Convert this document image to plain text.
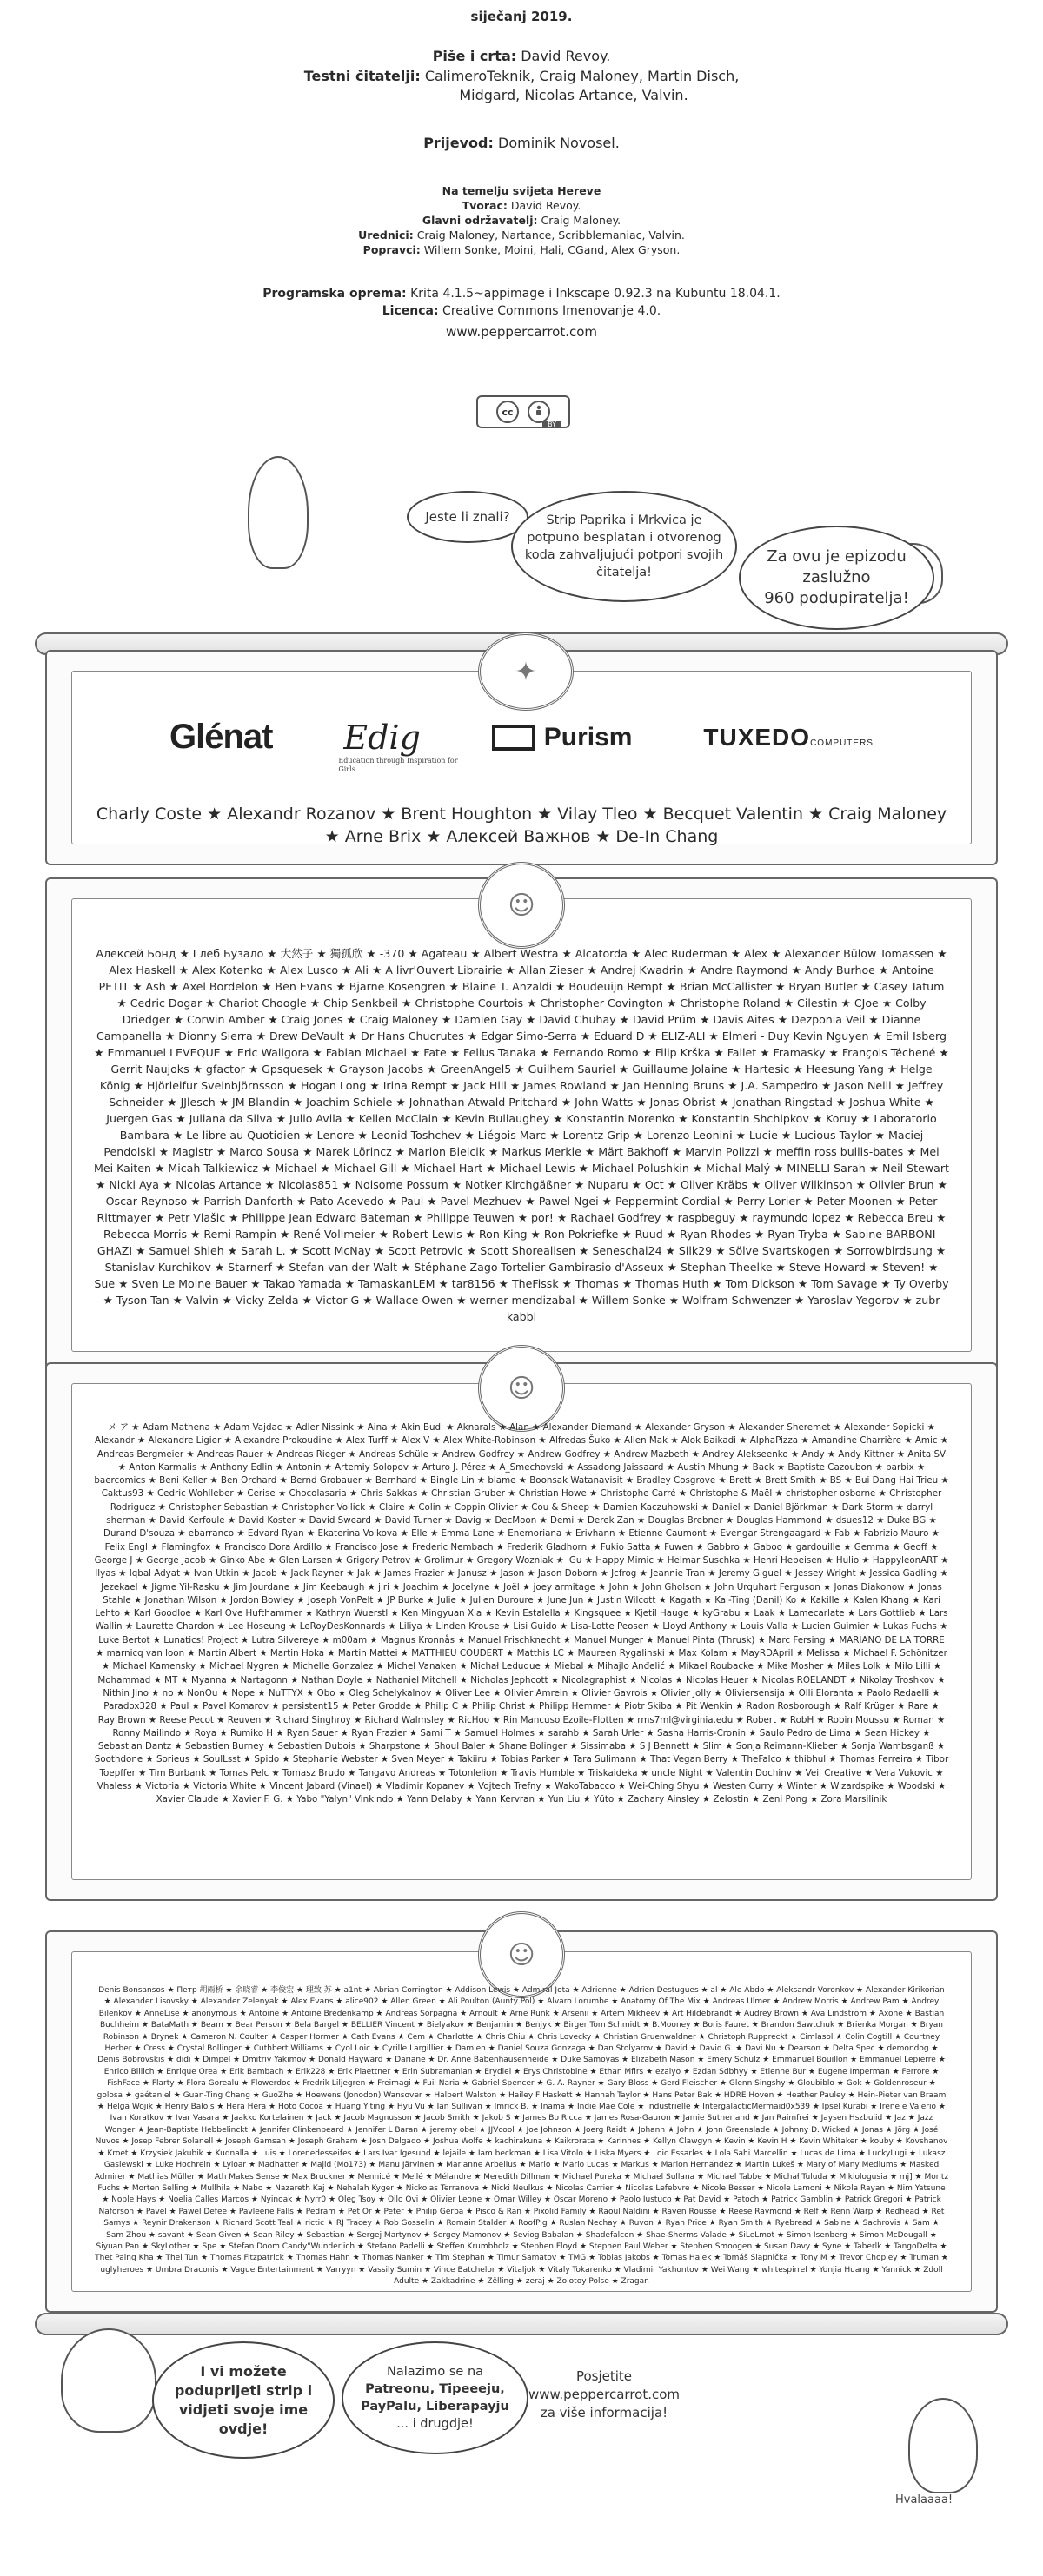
siječanj 2019.
Piše i crta: David Revoy.
Testni čitatelji: CalimeroTeknik, Craig Maloney, Martin Disch,
Midgard, Nicolas Artance, Valvin.
Prijevod: Dominik Novosel.
Na temelju svijeta Hereve
Tvorac: David Revoy.
Glavni održavatelj: Craig Maloney.
Urednici: Craig Maloney, Nartance, Scribblemaniac, Valvin.
Popravci: Willem Sonke, Moini, Hali, CGand, Alex Gryson.
Programska oprema: Krita 4.1.5~appimage i Inkscape 0.92.3 na Kubuntu 18.04.1.
Licenca: Creative Commons Imenovanje 4.0.
www.peppercarrot.com
cc
BY
Jeste li znali?	Strip Paprika i Mrkvica je
potpuno besplatan i otvorenog
koda zahvaljujući potpori svojih
čitatelja!
Za ovu je epizodu
zaslužno
960 podupiratelja!
✦
Glénat Edig
Education through Inspiration for Girls
Purism	TUXEDOCOMPUTERS
Charly Coste ★ Alexandr Rozanov ★ Brent Houghton ★ Vilay Tleo ★ Becquet Valentin ★ Craig Maloney ★ Arne Brix ★ Алексей Важнов ★ De-In Chang
☺
Алексей Бонд ★ Глеб Бузало ★ 大然子 ★ 獨孤欣 ★ -370 ★ Agateau ★ Albert Westra ★ Alcatorda ★ Alec Ruderman ★ Alex ★ Alexander Bülow Tomassen ★ Alex Haskell ★ Alex Kotenko ★ Alex Lusco ★ Ali ★ A livr'Ouvert Librairie ★ Allan Zieser ★ Andrej Kwadrin ★ Andre Raymond ★ Andy Burhoe ★ Antoine PETIT ★ Ash ★ Axel Bordelon ★ Ben Evans ★ Bjarne Kosengren ★ Blaine T. Anzaldi ★ Boudeuijn Rempt ★ Brian McCallister ★ Bryan Butler ★ Casey Tatum ★ Cedric Dogar ★ Chariot Choogle ★ Chip Senkbeil ★ Christophe Courtois ★ Christopher Covington ★ Christophe Roland ★ Cilestin ★ CJoe ★ Colby Driedger ★ Corwin Amber ★ Craig Jones ★ Craig Maloney ★ Damien Gay ★ David Chuhay ★ David Prüm ★ Davis Aites ★ Dezponia Veil ★ Dianne Campanella ★ Dionny Sierra ★ Drew DeVault ★ Dr Hans Chucrutes ★ Edgar Simo-Serra ★ Eduard D ★ ELIZ-ALI ★ Elmeri - Duy Kevin Nguyen ★ Emil Isberg ★ Emmanuel LEVEQUE ★ Eric Waligora ★ Fabian Michael ★ Fate ★ Felius Tanaka ★ Fernando Romo ★ Filip Krška ★ Fallet ★ Framasky ★ François Téchené ★ Gerrit Naujoks ★ gfactor ★ Gpsquesek ★ Grayson Jacobs ★ GreenAngel5 ★ Guilhem Sauriel ★ Guillaume Jolaine ★ Hartesic ★ Heesung Yang ★ Helge König ★ Hjörleifur Sveinbjörnsson ★ Hogan Long ★ Irina Rempt ★ Jack Hill ★ James Rowland ★ Jan Henning Bruns ★ J.A. Sampedro ★ Jason Neill ★ Jeffrey Schneider ★ JJlesch ★ JM Blandin ★ Joachim Schiele ★ Johnathan Atwald Pritchard ★ John Watts ★ Jonas Obrist ★ Jonathan Ringstad ★ Joshua White ★ Juergen Gas ★ Juliana da Silva ★ Julio Avila ★ Kellen McClain ★ Kevin Bullaughey ★ Konstantin Morenko ★ Konstantin Shchipkov ★ Koruy ★ Laboratorio Bambara ★ Le libre au Quotidien ★ Lenore ★ Leonid Toshchev ★ Liégois Marc ★ Lorentz Grip ★ Lorenzo Leonini ★ Lucie ★ Lucious Taylor ★ Maciej Pendolski ★ Magistr ★ Marco Sousa ★ Marek Lörincz ★ Marion Bielcik ★ Markus Merkle ★ Märt Bakhoff ★ Marvin Polizzi ★ meffin ross bullis-bates ★ Mei Mei Kaiten ★ Micah Talkiewicz ★ Michael ★ Michael Gill ★ Michael Hart ★ Michael Lewis ★ Michael Polushkin ★ Michal Malý ★ MINELLI Sarah ★ Neil Stewart ★ Nicki Aya ★ Nicolas Artance ★ Nicolas851 ★ Noisome Possum ★ Notker Kirchgäßner ★ Nuparu ★ Oct ★ Oliver Kräbs ★ Oliver Wilkinson ★ Olivier Brun ★ Oscar Reynoso ★ Parrish Danforth ★ Pato Acevedo ★ Paul ★ Pavel Mezhuev ★ Pawel Ngei ★ Peppermint Cordial ★ Perry Lorier ★ Peter Moonen ★ Peter Rittmayer ★ Petr Vlašic ★ Philippe Jean Edward Bateman ★ Philippe Teuwen ★ por! ★ Rachael Godfrey ★ raspbeguy ★ raymundo lopez ★ Rebecca Breu ★ Rebecca Morris ★ Remi Rampin ★ René Vollmeier ★ Robert Lewis ★ Ron King ★ Ron Pokriefke ★ Ruud ★ Ryan Rhodes ★ Ryan Tryba ★ Sabine BARBONI-GHAZI ★ Samuel Shieh ★ Sarah L. ★ Scott McNay ★ Scott Petrovic ★ Scott Shorealisen ★ Seneschal24 ★ Silk29 ★ Sölve Svartskogen ★ Sorrowbirdsung ★ Stanislav Kurchikov ★ Starnerf ★ Stefan van der Walt ★ Stéphane Zago-Tortelier-Gambirasio d'Asseux ★ Stephan Theelke ★ Steve Howard ★ Steven! ★ Sue ★ Sven Le Moine Bauer ★ Takao Yamada ★ TamaskanLEM ★ tar8156 ★ TheFissk ★ Thomas ★ Thomas Huth ★ Tom Dickson ★ Tom Savage ★ Ty Overby ★ Tyson Tan ★ Valvin ★ Vicky Zelda ★ Victor G ★ Wallace Owen ★ werner mendizabal ★ Willem Sonke ★ Wolfram Schwenzer ★ Yaroslav Yegorov ★ zubr kabbi
☺
メ ア ★ Adam Mathena ★ Adam Vajdac ★ Adler Nissink ★ Aina ★ Akin Budi ★ Aknarals ★ Alan ★ Alexander Diemand ★ Alexander Gryson ★ Alexander Sheremet ★ Alexander Sopicki ★ Alexandr ★ Alexandre Ligier ★ Alexandre Prokoudine ★ Alex Turff ★ Alex V ★ Alex White-Robinson ★ Alfredas Šuko ★ Allen Mak ★ Alok Baikadi ★ AlphaPizza ★ Amandine Charrière ★ Amic ★ Andreas Bergmeier ★ Andreas Rauer ★ Andreas Rieger ★ Andreas Schüle ★ Andrew Godfrey ★ Andrew Godfrey ★ Andrew Mazbeth ★ Andrey Alekseenko ★ Andy ★ Andy Kittner ★ Anita SV ★ Anton Karmalis ★ Anthony Edlin ★ Antonin ★ Artemiy Solopov ★ Arturo J. Pérez ★ A_Smechovski ★ Assadong Jaissaard ★ Austin Mhung ★ Back ★ Baptiste Cazoubon ★ barbix ★ baercomics ★ Beni Keller ★ Ben Orchard ★ Bernd Grobauer ★ Bernhard ★ Bingle Lin ★ blame ★ Boonsak Watanavisit ★ Bradley Cosgrove ★ Brett ★ Brett Smith ★ BS ★ Bui Dang Hai Trieu ★ Caktus93 ★ Cedric Wohlleber ★ Cerise ★ Chocolasaria ★ Chris Sakkas ★ Christian Gruber ★ Christian Howe ★ Christophe Carré ★ Christophe & Maël ★ christopher osborne ★ Christopher Rodriguez ★ Christopher Sebastian ★ Christopher Vollick ★ Claire ★ Colin ★ Coppin Olivier ★ Cou & Sheep ★ Damien Kaczuhowski ★ Daniel ★ Daniel Björkman ★ Dark Storm ★ darryl sherman ★ David Kerfoule ★ David Koster ★ David Sweard ★ David Turner ★ Davig ★ DecMoon ★ Demi ★ Derek Zan ★ Douglas Brebner ★ Douglas Hammond ★ dsues12 ★ Duke BG ★ Durand D'souza ★ ebarranco ★ Edvard Ryan ★ Ekaterina Volkova ★ Elle ★ Emma Lane ★ Enemoriana ★ Erivhann ★ Etienne Caumont ★ Evengar Strengaagard ★ Fab ★ Fabrizio Mauro ★ Felix Engl ★ Flamingfox ★ Francisco Dora Ardillo ★ Francisco Jose ★ Frederic Nembach ★ Frederik Gladhorn ★ Fukio Satta ★ Fuwen ★ Gabbro ★ Gaboo ★ gardouille ★ Gemma ★ Geoff ★ George J ★ George Jacob ★ Ginko Abe ★ Glen Larsen ★ Grigory Petrov ★ Grolimur ★ Gregory Wozniak ★ 'Gu ★ Happy Mimic ★ Helmar Suschka ★ Henri Hebeisen ★ Hulio ★ HappyleonART ★ Ilyas ★ Iqbal Adyat ★ Ivan Utkin ★ Jacob ★ Jack Rayner ★ Jak ★ James Frazier ★ Janusz ★ Jason ★ Jason Doborn ★ Jcfrog ★ Jeannie Tran ★ Jeremy Giguel ★ Jessey Wright ★ Jessica Gadling ★ Jezekael ★ Jigme Yil-Rasku ★ Jim Jourdane ★ Jim Keebaugh ★ jiri ★ Joachim ★ Jocelyne ★ Joël ★ joey armitage ★ John ★ John Gholson ★ John Urquhart Ferguson ★ Jonas Diakonow ★ Jonas Stahle ★ Jonathan Wilson ★ Jordon Bowley ★ Joseph VonPelt ★ JP Burke ★ Julie ★ Julien Duroure ★ June Jun ★ Justin Wilcott ★ Kagath ★ Kai-Ting (Danil) Ko ★ Kakille ★ Kalen Khang ★ Kari Lehto ★ Karl Goodloe ★ Karl Ove Hufthammer ★ Kathryn Wuerstl ★ Ken Mingyuan Xia ★ Kevin Estalella ★ Kingsquee ★ Kjetil Hauge ★ kyGrabu ★ Laak ★ Lamecarlate ★ Lars Gottlieb ★ Lars Wallin ★ Laurette Chardon ★ Lee Hoseung ★ LeRoyDesKonnards ★ Liliya ★ Linden Krouse ★ Lisi Guido ★ Lisa-Lotte Peosen ★ Lloyd Anthony ★ Louis Valla ★ Lucien Guimier ★ Lukas Fuchs ★ Luke Bertot ★ Lunatics! Project ★ Lutra Silvereye ★ m00am ★ Magnus Kronnås ★ Manuel Frischknecht ★ Manuel Munger ★ Manuel Pinta (Thrusk) ★ Marc Fersing ★ MARIANO DE LA TORRE ★ marnicq van loon ★ Martin Albert ★ Martin Hoka ★ Martin Mattei ★ MATTHIEU COUDERT ★ Matthis LC ★ Maureen Rygalinski ★ Max Kolam ★ MayRDApril ★ Melissa ★ Michael F. Schönitzer ★ Michael Kamensky ★ Michael Nygren ★ Michelle Gonzalez ★ Michel Vanaken ★ Michał Leduque ★ Miebal ★ Mihajlo Anđelić ★ Mikael Roubacke ★ Mike Mosher ★ Miles Lolk ★ Milo Lilli ★ Mohammad ★ MT ★ Myanna ★ Nartagonn ★ Nathan Doyle ★ Nathaniel Mitchell ★ Nicholas Jephcott ★ Nicolagraphist ★ Nicolas ★ Nicolas Heuer ★ Nicolas ROELANDT ★ Nikolay Troshkov ★ Nithin Jino ★ no ★ NonOu ★ Nope ★ NuTTYX ★ Obo ★ Oleg Schelykalnov ★ Oliver Lee ★ Olivier Amrein ★ Olivier Gavrois ★ Olivier Jolly ★ Oliviersensija ★ Olli Eloranta ★ Paolo Redaelli ★ Paradox328 ★ Paul ★ Pavel Komarov ★ persistent15 ★ Peter Grodde ★ Philip C ★ Philip Christ ★ Philipp Hemmer ★ Piotr Skiba ★ Pit Wenkin ★ Radon Rosborough ★ Ralf Krüger ★ Rare ★ Ray Brown ★ Reese Pecot ★ Reuven ★ Richard Singhroy ★ Richard Walmsley ★ RicHoo ★ Rin Mancuso Ezoile-Flotten ★ rms7ml@virginia.edu ★ Robert ★ RobH ★ Robin Moussu ★ Roman ★ Ronny Mailindo ★ Roya ★ Rumiko H ★ Ryan Sauer ★ Ryan Frazier ★ Sami T ★ Samuel Holmes ★ sarahb ★ Sarah Urler ★ Sasha Harris-Cronin ★ Saulo Pedro de Lima ★ Sean Hickey ★ Sebastian Dantz ★ Sebastien Burney ★ Sebastien Dubois ★ Sharpstone ★ Shoul Baler ★ Shane Bolinger ★ Sissimaba ★ S J Bennett ★ Slim ★ Sonja Reimann-Klieber ★ Sonja Wambsganß ★ Soothdone ★ Sorieus ★ SoulLsst ★ Spido ★ Stephanie Webster ★ Sven Meyer ★ Takiiru ★ Tobias Parker ★ Tara Sulimann ★ That Vegan Berry ★ TheFalco ★ thibhul ★ Thomas Ferreira ★ Tibor Toepffer ★ Tim Burbank ★ Tomas Pelc ★ Tomasz Brudo ★ Tangavo Andreas ★ Totonlelion ★ Travis Humble ★ Triskaideka ★ uncle Night ★ Valentin Dochinv ★ Veil Creative ★ Vera Vukovic ★ Vhaless ★ Victoria ★ Victoria White ★ Vincent Jabard (Vinael) ★ Vladimir Kopanev ★ Vojtech Trefny ★ WakoTabacco ★ Wei-Ching Shyu ★ Westen Curry ★ Winter ★ Wizardspike ★ Woodski ★ Xavier Claude ★ Xavier F. G. ★ Yabo "Yalyn" Vinkindo ★ Yann Delaby ★ Yann Kervran ★ Yun Liu ★ Yūto ★ Zachary Ainsley ★ Zelostin ★ Zeni Pong ★ Zora Marsilinik
☺
Denis Bonsansos ★ Петр 胡雨桥 ★ 余晓睿 ★ 李俊宏 ★ 理致 苏 ★ a1nt ★ Abrian Corrington ★ Addison Lewis ★ Admiral Jota ★ Adrienne ★ Adrien Destugues ★ al ★ Ale Abdo ★ Aleksandr Voronkov ★ Alexander Kirikorian ★ Alexander Lisovsky ★ Alexander Zelenyak ★ Alex Evans ★ alice902 ★ Allen Green ★ Ali Poulton (Aunty Pol) ★ Alvaro Lorumbe ★ Anatomy Of The Mix ★ Andreas Ulmer ★ Andrew Morris ★ Andrew Pam ★ Andrey Bilenkov ★ AnneLise ★ anonymous ★ Antoine ★ Antoine Bredenkamp ★ Andreas Sorpagna ★ Arnoult ★ Arne Runk ★ Arsenii ★ Artem Mikheev ★ Art Hildebrandt ★ Audrey Brown ★ Ava Lindstrom ★ Axone ★ Bastian Buchheim ★ BataMath ★ Beam ★ Bear Person ★ Bela Bargel ★ BELLIER Vincent ★ Bielyakov ★ Benjamin ★ Benjyk ★ Birger Tom Schmidt ★ B.Mooney ★ Boris Fauret ★ Brandon Sawtchuk ★ Brienka Morgan ★ Bryan Robinson ★ Brynek ★ Cameron N. Coulter ★ Casper Hormer ★ Cath Evans ★ Cem ★ Charlotte ★ Chris Chiu ★ Chris Lovecky ★ Christian Gruenwaldner ★ Christoph Ruppreckt ★ Cimlasol ★ Colin Cogtill ★ Courtney Herber ★ Cress ★ Crystal Bollinger ★ Cuthbert Williams ★ Cyol Loic ★ Cyrille Largillier ★ Damien ★ Daniel Souza Gonzaga ★ Dan Stolyarov ★ David ★ David G. ★ Davi Nu ★ Dearson ★ Delta Spec ★ demondog ★ Denis Bobrovskis ★ didi ★ Dimpel ★ Dmitriy Yakimov ★ Donald Hayward ★ Dariane ★ Dr. Anne Babenhausenheide ★ Duke Samoyas ★ Elizabeth Mason ★ Emery Schulz ★ Emmanuel Bouillon ★ Emmanuel Lepierre ★ Enrico Billich ★ Enrique Orea ★ Erik Bambach ★ Erik228 ★ Erik Plaettner ★ Erin Subramanian ★ Erydiel ★ Erys Christobine ★ Ethan Mfirs ★ ezaiyo ★ Ezdan Sdbhyy ★ Etienne Bur ★ Eugene Imperman ★ Ferrore ★ FishFace ★ Flarty ★ Flora Gorealu ★ Flowerdoc ★ Fredrik Liljegren ★ Freimagi ★ Fuil Naria ★ Gabriel Spencer ★ G. A. Rayner ★ Gary Bloss ★ Gerd Fleischer ★ Glenn Singshy ★ Gloubiblo ★ Gok ★ Goldenroseur ★ golosa ★ gaétaniel ★ Guan-Ting Chang ★ GuoZhe ★ Hoewens (Jonodon) Wansover ★ Halbert Walston ★ Hailey F Haskett ★ Hannah Taylor ★ Hans Peter Bak ★ HDRE Hoven ★ Heather Pauley ★ Hein-Pieter van Braam ★ Helga Wojik ★ Henry Balois ★ Hera Hera ★ Hoto Cocoa ★ Huang Yiting ★ Hyu Vu ★ Ian Sullivan ★ Imrick B. ★ Inama ★ Indie Mae Cole ★ Industrielle ★ IntergalacticMermaid0x539 ★ Ipsel Kurabi ★ Irene e Valerio ★ Ivan Koratkov ★ Ivar Vasara ★ Jaakko Kortelainen ★ Jack ★ Jacob Magnusson ★ Jacob Smith ★ Jakob S ★ James Bo Ricca ★ James Rosa-Gauron ★ Jamie Sutherland ★ Jan Raimfrei ★ Jaysen Hszbuiid ★ Jaz ★ Jazz Wonger ★ Jean-Baptiste Hebbelinckt ★ Jennifer Clinkenbeard ★ Jennifer L Baran ★ jeremy obel ★ JJVcool ★ Joe Johnson ★ Joerg Raidt ★ Johann ★ John ★ John Greenslade ★ Johnny D. Wicked ★ Jonas ★ Jörg ★ José Nuvos ★ Josep Febrer Solanell ★ Joseph Gamsan ★ Joseph Graham ★ Josh Delgado ★ Joshua Wolfe ★ kachirakuna ★ Kaikrorata ★ Karinnes ★ Kellyn Clawgyn ★ Kevin ★ Kevin H ★ Kevin Whitaker ★ kouby ★ Kovshanov ★ Kroet ★ Krzysiek Jakubik ★ Kudnalla ★ Luis ★ Lorenedesseifes ★ Lars Ivar Igesund ★ lejaile ★ Iam beckman ★ Lisa Vitolo ★ Liska Myers ★ Loic Essarles ★ Lola Sahi Marcellin ★ Lucas de Lima ★ LuckyLugi ★ Lukasz Gasiewski ★ Luke Hochrein ★ Lyloar ★ Madhatter ★ Majid (Mo173) ★ Manu Järvinen ★ Marianne Arbellus ★ Mario ★ Mario Lucas ★ Markus ★ Marlon Hernandez ★ Martin Lukeš ★ Mary of Many Mediums ★ Masked Admirer ★ Mathias Müller ★ Math Makes Sense ★ Max Bruckner ★ Mennicé ★ Mellé ★ Mélandre ★ Meredith Dillman ★ Michael Pureka ★ Michael Sullana ★ Michael Tabbe ★ Michał Tuluda ★ Mikiologusia ★ mj] ★ Moritz Fuchs ★ Morten Selling ★ Mullhila ★ Nabo ★ Nazareth Kaj ★ Nehalah Kyger ★ Nickolas Terranova ★ Nicki Neulkus ★ Nicolas Carrier ★ Nicolas Lefebvre ★ Nicole Besser ★ Nicole Lamoni ★ Nikola Rayan ★ Nim Yatsune ★ Noble Hays ★ Noelia Calles Marcos ★ Nyinoak ★ Nyrr0 ★ Oleg Tsoy ★ Ollo Ovi ★ Olivier Leone ★ Omar Willey ★ Oscar Moreno ★ Paolo Iustuco ★ Pat David ★ Patoch ★ Patrick Gamblin ★ Patrick Gregori ★ Patrick Naforson ★ Pavel ★ Pawel Defee ★ Pavleene Falls ★ Pedram ★ Pet Or ★ Peter ★ Philip Gerba ★ Pisco & Ran ★ Pixolid Family ★ Raoul Naldini ★ Raven Rousse ★ Reese Raymond ★ Relf ★ Renn Warp ★ Redhead ★ Ret Samys ★ Reynir Drakenson ★ Richard Scott Teal ★ rictic ★ RJ Tracey ★ Rob Gosselin ★ Romain Stalder ★ RoofPig ★ Ruslan Nechay ★ Ruvon ★ Ryan Price ★ Ryan Smith ★ Ryebread ★ Sabine ★ Sachrovis ★ Sam ★ Sam Zhou ★ savant ★ Sean Given ★ Sean Riley ★ Sebastian ★ Sergej Martynov ★ Sergey Mamonov ★ Seviog Babalan ★ Shadefalcon ★ Shae-Sherms Valade ★ SiLeLmot ★ Simon Isenberg ★ Simon McDougall ★ Siyuan Pan ★ SkyLother ★ Spe ★ Stefan Doom Candy"Wunderlich ★ Stefano Padelli ★ Steffen Krumbholz ★ Stephen Floyd ★ Stephen Paul Weber ★ Stephen Smoogen ★ Susan Davy ★ Syne ★ Taberlk ★ TangoDelta ★ Thet Paing Kha ★ Thel Tun ★ Thomas Fitzpatrick ★ Thomas Hahn ★ Thomas Nanker ★ Tim Stephan ★ Timur Samatov ★ TMG ★ Tobias Jakobs ★ Tomas Hajek ★ Tomáš Slapnička ★ Tony M ★ Trevor Chopley ★ Truman ★ uglyheroes ★ Umbra Draconis ★ Vague Entertainment ★ Varryyn ★ Vassily Sumin ★ Vince Batchelor ★ Vitaljok ★ Vitaly Tokarenko ★ Vladimir Yakhontov ★ Wei Wang ★ whitespirrel ★ Yonjia Huang ★ Yannick ★ Zdoll Adulte ★ Zakkadrine ★ Zêlling ★ zeraj ★ Zolotoy Polse ★ Zragan
I vi možete
poduprijeti strip i
vidjeti svoje ime
ovdje!
Nalazimo se na
Patreonu, Tipeeeju,
PayPalu, Liberapayju
... i drugdje!
Posjetite
www.peppercarrot.com
za više informacija!
Hvalaaaa!
